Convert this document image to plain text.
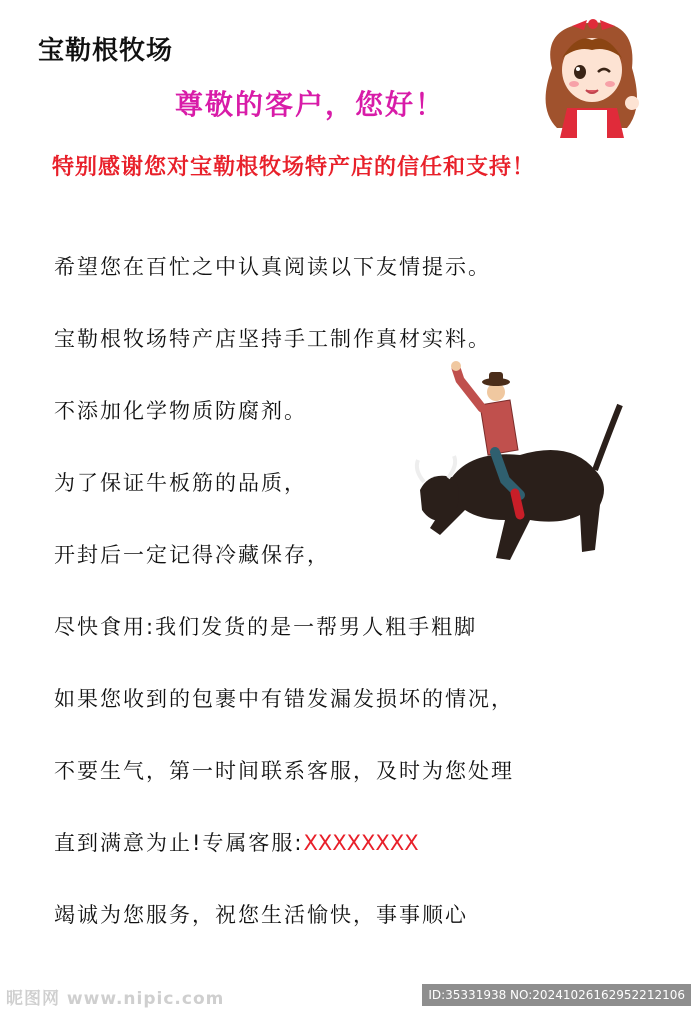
宝勒根牧场
尊敬的客户，您好！
特别感谢您对宝勒根牧场特产店的信任和支持！
希望您在百忙之中认真阅读以下友情提示。
宝勒根牧场特产店坚持手工制作真材实料。
不添加化学物质防腐剂。
为了保证牛板筋的品质，
开封后一定记得冷藏保存，
尽快食用:我们发货的是一帮男人粗手粗脚
如果您收到的包裹中有错发漏发损坏的情况，
不要生气，第一时间联系客服，及时为您处理
直到满意为止!专属客服:XXXXXXXX
竭诚为您服务，祝您生活愉快，事事顺心
昵图网 www.nipic.com	ID:35331938 NO:20241026162952212106
